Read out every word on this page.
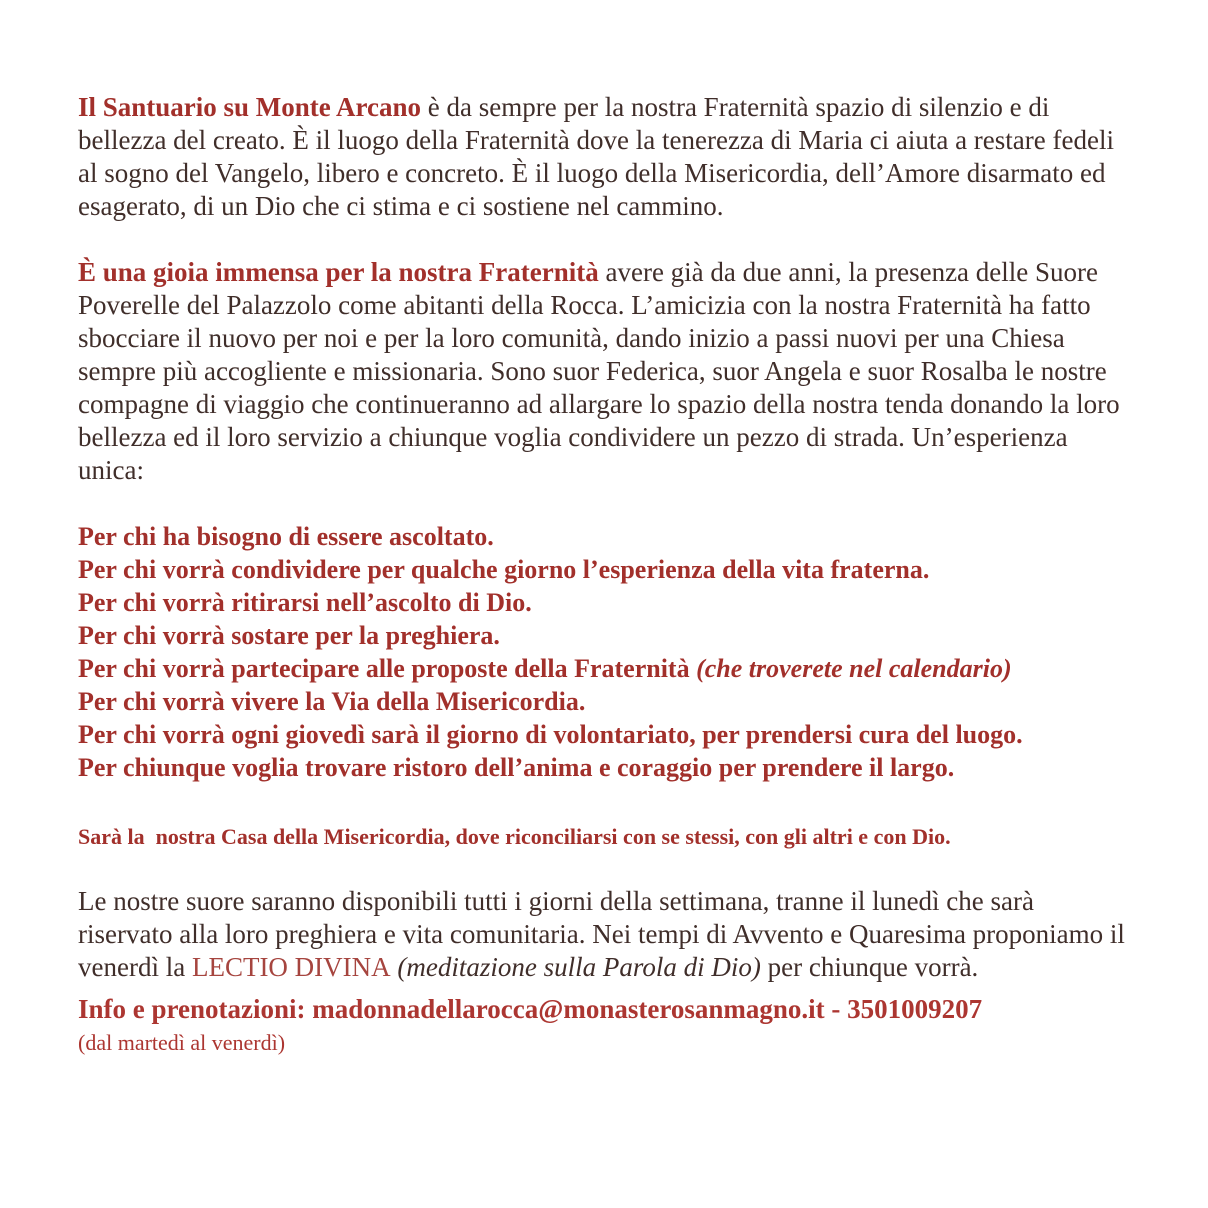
Il Santuario su Monte Arcano è da sempre per la nostra Fraternità spazio di silenzio e di bellezza del creato. È il luogo della Fraternità dove la tenerezza di Maria ci aiuta a restare fedeli al sogno del Vangelo, libero e concreto. È il luogo della Misericordia, dell’Amore disarmato ed esagerato, di un Dio che ci stima e ci sostiene nel cammino.

È una gioia immensa per la nostra Fraternità avere già da due anni, la presenza delle Suore Poverelle del Palazzolo come abitanti della Rocca. L’amicizia con la nostra Fraternità ha fatto sbocciare il nuovo per noi e per la loro comunità, dando inizio a passi nuovi per una Chiesa sempre più accogliente e missionaria. Sono suor Federica, suor Angela e suor Rosalba le nostre compagne di viaggio che continueranno ad allargare lo spazio della nostra tenda donando la loro bellezza ed il loro servizio a chiunque voglia condividere un pezzo di strada. Un’esperienza unica:

Per chi ha bisogno di essere ascoltato.
Per chi vorrà condividere per qualche giorno l’esperienza della vita fraterna.
Per chi vorrà ritirarsi nell’ascolto di Dio.
Per chi vorrà sostare per la preghiera.
Per chi vorrà partecipare alle proposte della Fraternità (che troverete nel calendario)
Per chi vorrà vivere la Via della Misericordia.
Per chi vorrà ogni giovedì sarà il giorno di volontariato, per prendersi cura del luogo.
Per chiunque voglia trovare ristoro dell’anima e coraggio per prendere il largo.
Sarà la  nostra Casa della Misericordia, dove riconciliarsi con se stessi, con gli altri e con Dio.

Le nostre suore saranno disponibili tutti i giorni della settimana, tranne il lunedì che sarà riservato alla loro preghiera e vita comunitaria. Nei tempi di Avvento e Quaresima proponiamo il venerdì la LECTIO DIVINA (meditazione sulla Parola di Dio) per chiunque vorrà.

Info e prenotazioni: madonnadellarocca@monasterosanmagno.it - 3501009207
(dal martedì al venerdì)
